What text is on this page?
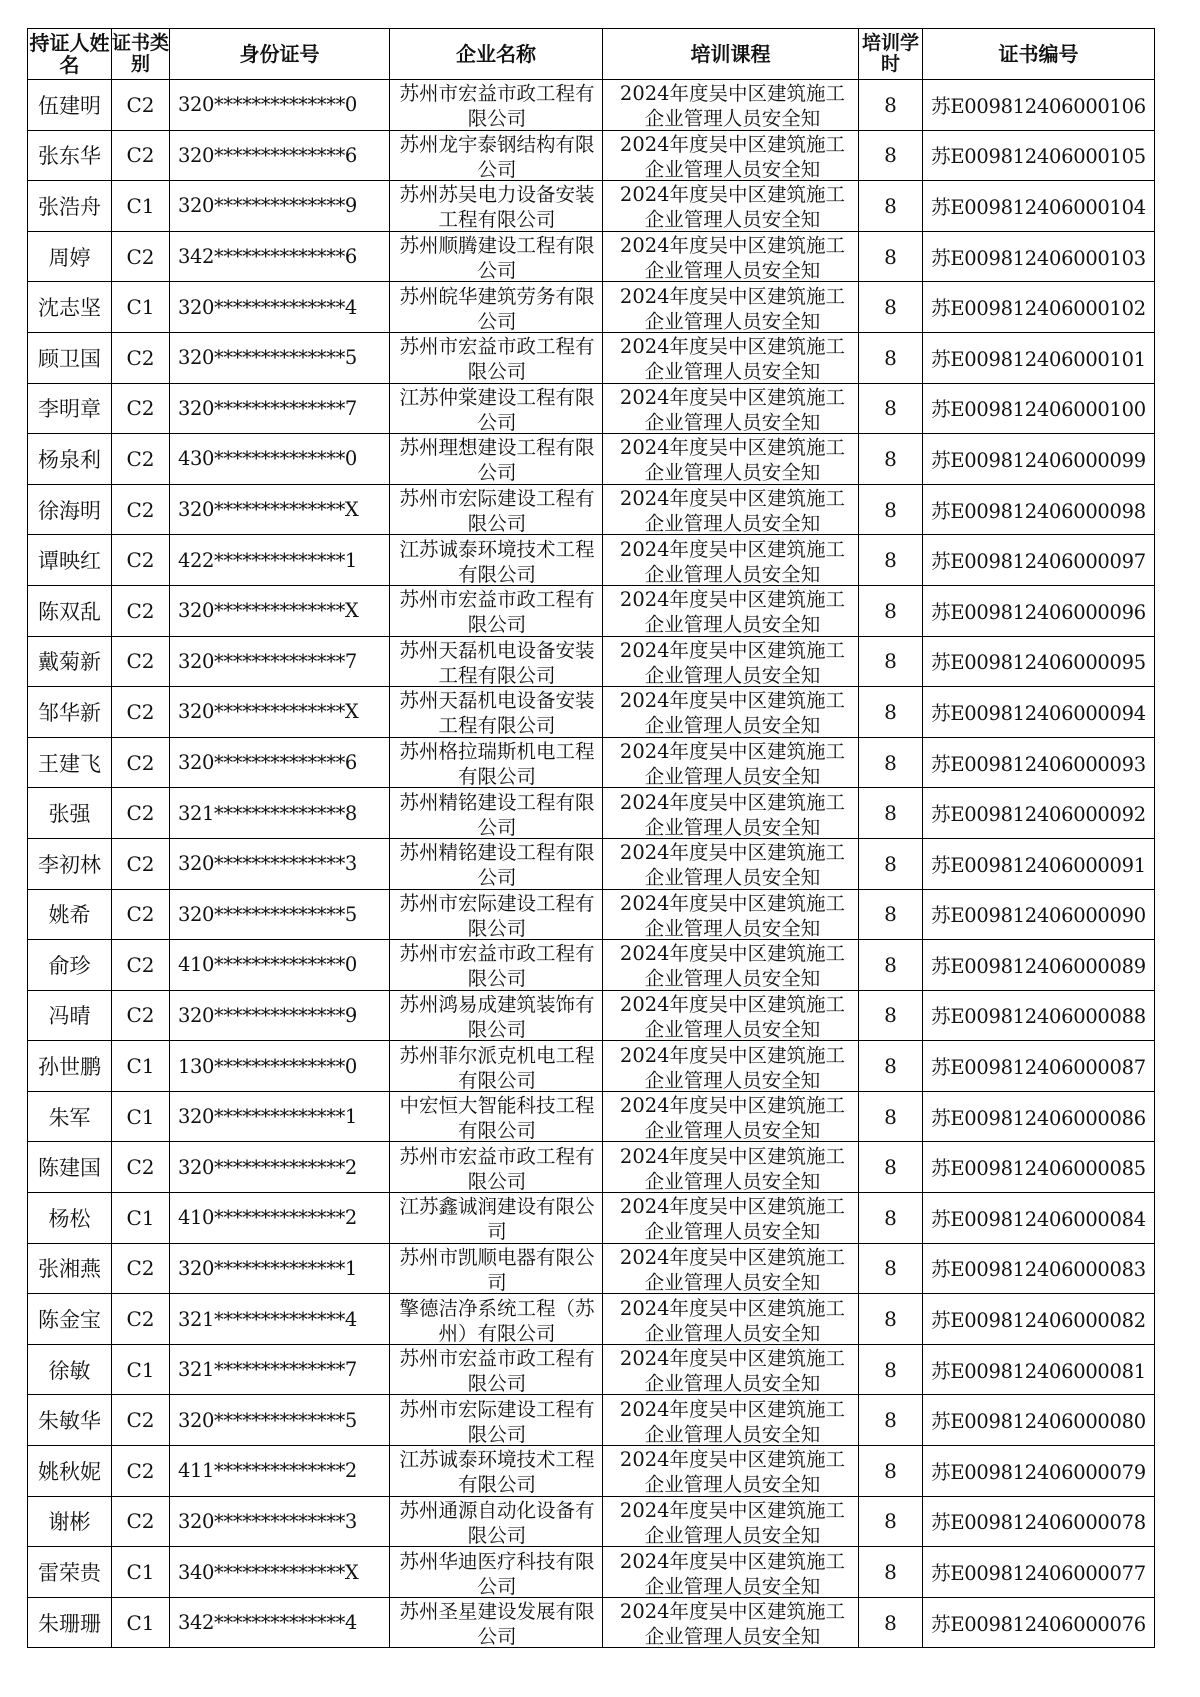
持证人姓名	证书类别	身份证号	企业名称	培训课程	培训学时	证书编号
伍建明	C2	320**************0	苏州市宏益市政工程有限公司	2024年度吴中区建筑施工企业管理人员安全知	8	苏E009812406000106
张东华	C2	320**************6	苏州龙宇泰钢结构有限公司	2024年度吴中区建筑施工企业管理人员安全知	8	苏E009812406000105
张浩舟	C1	320**************9	苏州苏吴电力设备安装工程有限公司	2024年度吴中区建筑施工企业管理人员安全知	8	苏E009812406000104
周婷	C2	342**************6	苏州顺腾建设工程有限公司	2024年度吴中区建筑施工企业管理人员安全知	8	苏E009812406000103
沈志坚	C1	320**************4	苏州皖华建筑劳务有限公司	2024年度吴中区建筑施工企业管理人员安全知	8	苏E009812406000102
顾卫国	C2	320**************5	苏州市宏益市政工程有限公司	2024年度吴中区建筑施工企业管理人员安全知	8	苏E009812406000101
李明章	C2	320**************7	江苏仲棠建设工程有限公司	2024年度吴中区建筑施工企业管理人员安全知	8	苏E009812406000100
杨泉利	C2	430**************0	苏州理想建设工程有限公司	2024年度吴中区建筑施工企业管理人员安全知	8	苏E009812406000099
徐海明	C2	320**************X	苏州市宏际建设工程有限公司	2024年度吴中区建筑施工企业管理人员安全知	8	苏E009812406000098
谭映红	C2	422**************1	江苏诚泰环境技术工程有限公司	2024年度吴中区建筑施工企业管理人员安全知	8	苏E009812406000097
陈双乱	C2	320**************X	苏州市宏益市政工程有限公司	2024年度吴中区建筑施工企业管理人员安全知	8	苏E009812406000096
戴菊新	C2	320**************7	苏州天磊机电设备安装工程有限公司	2024年度吴中区建筑施工企业管理人员安全知	8	苏E009812406000095
邹华新	C2	320**************X	苏州天磊机电设备安装工程有限公司	2024年度吴中区建筑施工企业管理人员安全知	8	苏E009812406000094
王建飞	C2	320**************6	苏州格拉瑞斯机电工程有限公司	2024年度吴中区建筑施工企业管理人员安全知	8	苏E009812406000093
张强	C2	321**************8	苏州精铭建设工程有限公司	2024年度吴中区建筑施工企业管理人员安全知	8	苏E009812406000092
李初林	C2	320**************3	苏州精铭建设工程有限公司	2024年度吴中区建筑施工企业管理人员安全知	8	苏E009812406000091
姚希	C2	320**************5	苏州市宏际建设工程有限公司	2024年度吴中区建筑施工企业管理人员安全知	8	苏E009812406000090
俞珍	C2	410**************0	苏州市宏益市政工程有限公司	2024年度吴中区建筑施工企业管理人员安全知	8	苏E009812406000089
冯晴	C2	320**************9	苏州鸿易成建筑装饰有限公司	2024年度吴中区建筑施工企业管理人员安全知	8	苏E009812406000088
孙世鹏	C1	130**************0	苏州菲尔派克机电工程有限公司	2024年度吴中区建筑施工企业管理人员安全知	8	苏E009812406000087
朱军	C1	320**************1	中宏恒大智能科技工程有限公司	2024年度吴中区建筑施工企业管理人员安全知	8	苏E009812406000086
陈建国	C2	320**************2	苏州市宏益市政工程有限公司	2024年度吴中区建筑施工企业管理人员安全知	8	苏E009812406000085
杨松	C1	410**************2	江苏鑫诚润建设有限公司	2024年度吴中区建筑施工企业管理人员安全知	8	苏E009812406000084
张湘燕	C2	320**************1	苏州市凯顺电器有限公司	2024年度吴中区建筑施工企业管理人员安全知	8	苏E009812406000083
陈金宝	C2	321**************4	擎德洁净系统工程（苏州）有限公司	2024年度吴中区建筑施工企业管理人员安全知	8	苏E009812406000082
徐敏	C1	321**************7	苏州市宏益市政工程有限公司	2024年度吴中区建筑施工企业管理人员安全知	8	苏E009812406000081
朱敏华	C2	320**************5	苏州市宏际建设工程有限公司	2024年度吴中区建筑施工企业管理人员安全知	8	苏E009812406000080
姚秋妮	C2	411**************2	江苏诚泰环境技术工程有限公司	2024年度吴中区建筑施工企业管理人员安全知	8	苏E009812406000079
谢彬	C2	320**************3	苏州通源自动化设备有限公司	2024年度吴中区建筑施工企业管理人员安全知	8	苏E009812406000078
雷荣贵	C1	340**************X	苏州华迪医疗科技有限公司	2024年度吴中区建筑施工企业管理人员安全知	8	苏E009812406000077
朱珊珊	C1	342**************4	苏州圣星建设发展有限公司	2024年度吴中区建筑施工企业管理人员安全知	8	苏E009812406000076
